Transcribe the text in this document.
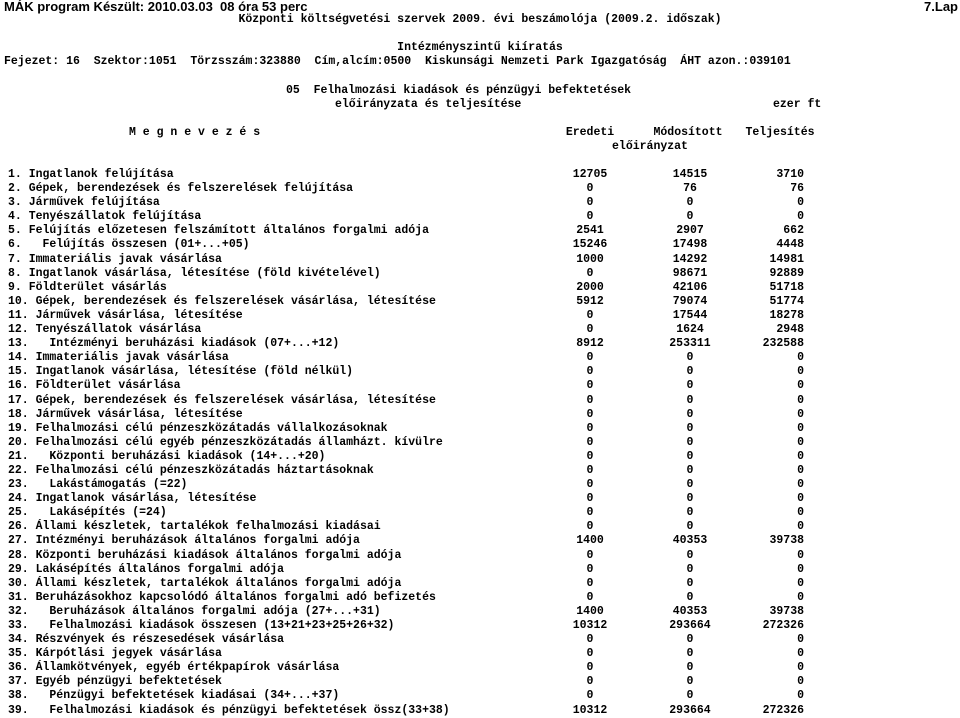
MÁK program Készült: 2010.03.03  08 óra 53 perc	7.Lap
Központi költségvetési szervek 2009. évi beszámolója (2009.2. időszak)
Intézményszintű kiíratás
Fejezet: 16  Szektor:1051  Törzsszám:323880  Cím,alcím:0500  Kiskunsági Nemzeti Park Igazgatóság  ÁHT azon.:039101
05  Felhalmozási kiadások és pénzügyi befektetések
előirányzata és teljesítése	ezer ft
M e g n e v e z é s	Eredeti	Módosított	Teljesítés
előirányzat
1. Ingatlanok felújítása	12705	14515	3710
2. Gépek, berendezések és felszerelések felújítása	0	76	76
3. Járművek felújítása	0	0	0
4. Tenyészállatok felújítása	0	0	0
5. Felújítás előzetesen felszámított általános forgalmi adója	2541	2907	662
6.   Felújítás összesen (01+...+05)	15246	17498	4448
7. Immateriális javak vásárlása	1000	14292	14981
8. Ingatlanok vásárlása, létesítése (föld kivételével)	0	98671	92889
9. Földterület vásárlás	2000	42106	51718
10. Gépek, berendezések és felszerelések vásárlása, létesítése	5912	79074	51774
11. Járművek vásárlása, létesítése	0	17544	18278
12. Tenyészállatok vásárlása	0	1624	2948
13.   Intézményi beruházási kiadások (07+...+12)	8912	253311	232588
14. Immateriális javak vásárlása	0	0	0
15. Ingatlanok vásárlása, létesítése (föld nélkül)	0	0	0
16. Földterület vásárlása	0	0	0
17. Gépek, berendezések és felszerelések vásárlása, létesítése	0	0	0
18. Járművek vásárlása, létesítése	0	0	0
19. Felhalmozási célú pénzeszközátadás vállalkozásoknak	0	0	0
20. Felhalmozási célú egyéb pénzeszközátadás államházt. kívülre	0	0	0
21.   Központi beruházási kiadások (14+...+20)	0	0	0
22. Felhalmozási célú pénzeszközátadás háztartásoknak	0	0	0
23.   Lakástámogatás (=22)	0	0	0
24. Ingatlanok vásárlása, létesítése	0	0	0
25.   Lakásépítés (=24)	0	0	0
26. Állami készletek, tartalékok felhalmozási kiadásai	0	0	0
27. Intézményi beruházások általános forgalmi adója	1400	40353	39738
28. Központi beruházási kiadások általános forgalmi adója	0	0	0
29. Lakásépítés általános forgalmi adója	0	0	0
30. Állami készletek, tartalékok általános forgalmi adója	0	0	0
31. Beruházásokhoz kapcsolódó általános forgalmi adó befizetés	0	0	0
32.   Beruházások általános forgalmi adója (27+...+31)	1400	40353	39738
33.   Felhalmozási kiadások összesen (13+21+23+25+26+32)	10312	293664	272326
34. Részvények és részesedések vásárlása	0	0	0
35. Kárpótlási jegyek vásárlása	0	0	0
36. Államkötvények, egyéb értékpapírok vásárlása	0	0	0
37. Egyéb pénzügyi befektetések	0	0	0
38.   Pénzügyi befektetések kiadásai (34+...+37)	0	0	0
39.   Felhalmozási kiadások és pénzügyi befektetések össz(33+38)	10312	293664	272326
